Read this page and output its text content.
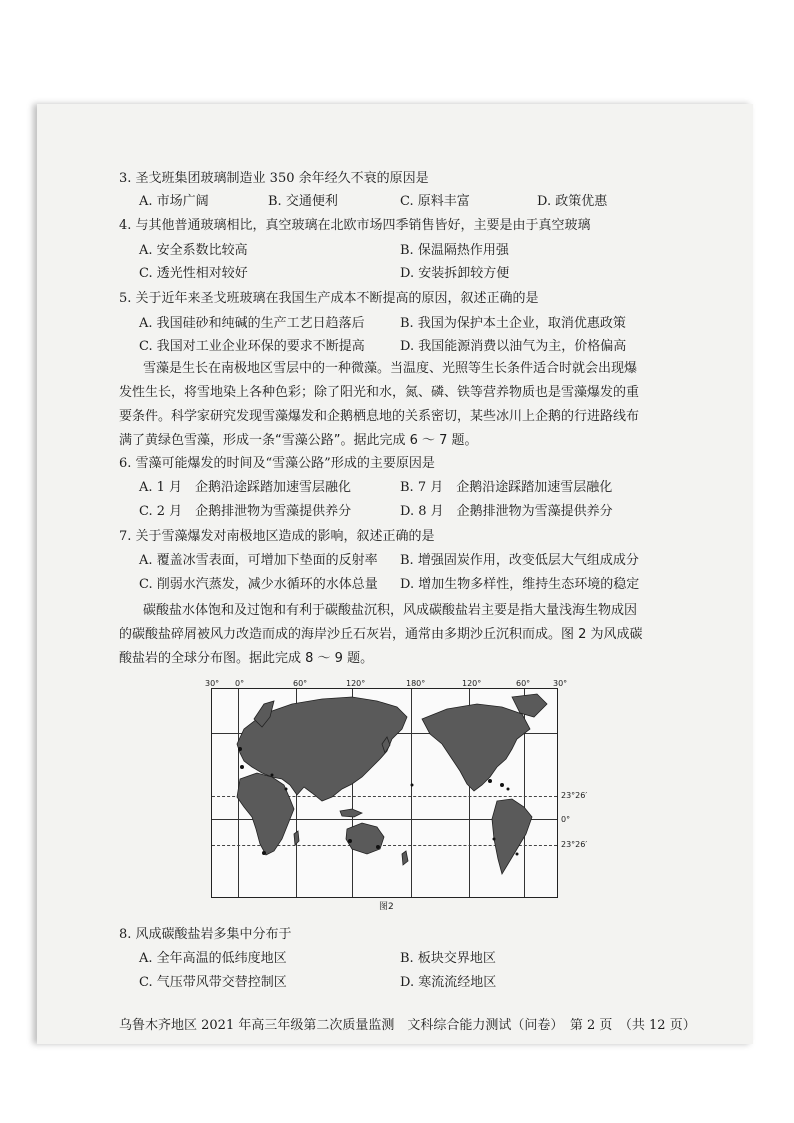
3. 圣戈班集团玻璃制造业 350 余年经久不衰的原因是
A. 市场广阔	B. 交通便利	C. 原料丰富	D. 政策优惠
4. 与其他普通玻璃相比，真空玻璃在北欧市场四季销售皆好，主要是由于真空玻璃
A. 安全系数比较高	B. 保温隔热作用强
C. 透光性相对较好	D. 安装拆卸较方便
5. 关于近年来圣戈班玻璃在我国生产成本不断提高的原因，叙述正确的是
A. 我国硅砂和纯碱的生产工艺日趋落后	B. 我国为保护本土企业，取消优惠政策
C. 我国对工业企业环保的要求不断提高	D. 我国能源消费以油气为主，价格偏高
雪藻是生长在南极地区雪层中的一种微藻。当温度、光照等生长条件适合时就会出现爆
发性生长，将雪地染上各种色彩；除了阳光和水，氮、磷、铁等营养物质也是雪藻爆发的重
要条件。科学家研究发现雪藻爆发和企鹅栖息地的关系密切，某些冰川上企鹅的行进路线布
满了黄绿色雪藻，形成一条“雪藻公路”。据此完成 6 ～ 7 题。
6. 雪藻可能爆发的时间及“雪藻公路”形成的主要原因是
A. 1 月　企鹅沿途踩踏加速雪层融化	B. 7 月　企鹅沿途踩踏加速雪层融化
C. 2 月　企鹅排泄物为雪藻提供养分	D. 8 月　企鹅排泄物为雪藻提供养分
7. 关于雪藻爆发对南极地区造成的影响，叙述正确的是
A. 覆盖冰雪表面，可增加下垫面的反射率 B. 增强固炭作用，改变低层大气组成成分
C. 削弱水汽蒸发，减少水循环的水体总量 D. 增加生物多样性，维持生态环境的稳定
碳酸盐水体饱和及过饱和有利于碳酸盐沉积，风成碳酸盐岩主要是指大量浅海生物成因
的碳酸盐碎屑被风力改造而成的海岸沙丘石灰岩，通常由多期沙丘沉积而成。图 2 为风成碳
酸盐岩的全球分布图。据此完成 8 ～ 9 题。
30° 0°	60°	120°	180°	120°	60°	30°
23°26′
0°
23°26′
图2
8. 风成碳酸盐岩多集中分布于
A. 全年高温的低纬度地区	B. 板块交界地区
C. 气压带风带交替控制区	D. 寒流流经地区
乌鲁木齐地区 2021 年高三年级第二次质量监测　文科综合能力测试（问卷）　第 2 页　（共 12 页）
